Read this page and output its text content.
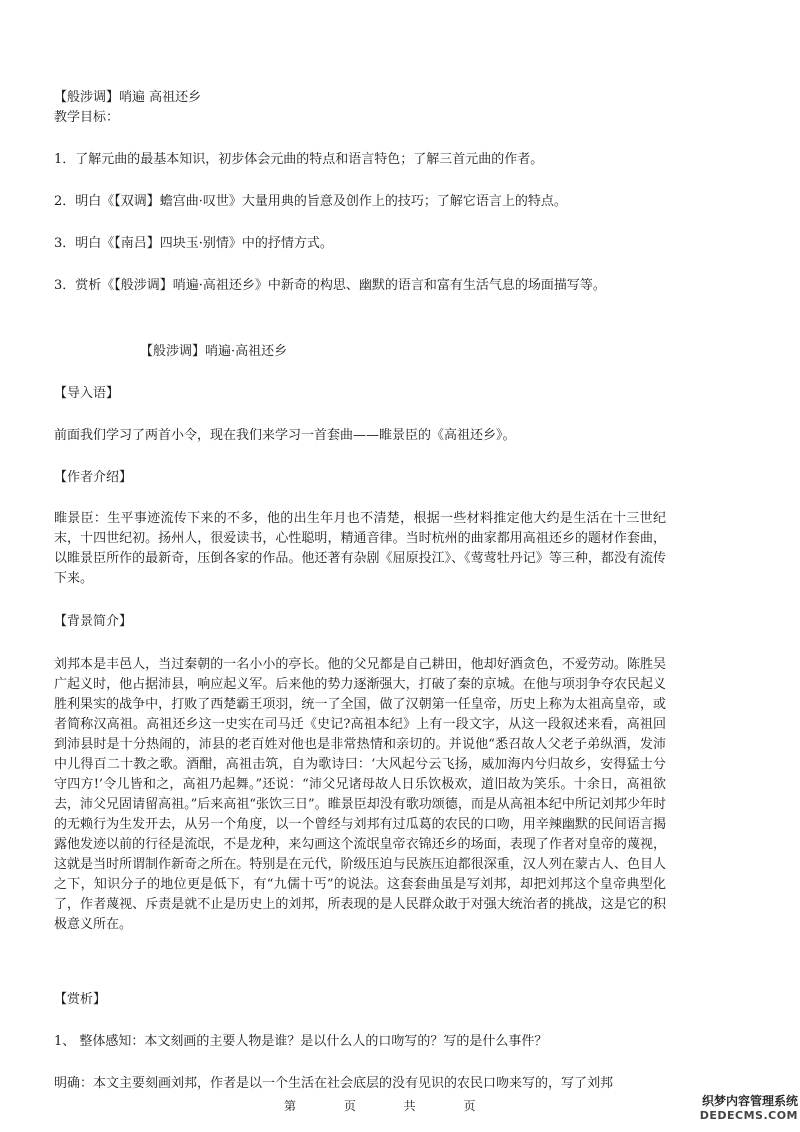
【般涉调】哨遍 高祖还乡
教学目标：
1．了解元曲的最基本知识，初步体会元曲的特点和语言特色；了解三首元曲的作者。
2．明白《【双调】蟾宫曲·叹世》大量用典的旨意及创作上的技巧；了解它语言上的特点。
3．明白《【南吕】四块玉·别情》中的抒情方式。
3．赏析《【般涉调】哨遍·高祖还乡》中新奇的构思、幽默的语言和富有生活气息的场面描写等。
【般涉调】哨遍·高祖还乡
【导入语】
前面我们学习了两首小令，现在我们来学习一首套曲——睢景臣的《高祖还乡》。
【作者介绍】
睢景臣：生平事迹流传下来的不多，他的出生年月也不清楚，根据一些材料推定他大约是生活在十三世纪末，十四世纪初。扬州人，很爱读书，心性聪明，精通音律。当时杭州的曲家都用高祖还乡的题材作套曲，以睢景臣所作的最新奇，压倒各家的作品。他还著有杂剧《屈原投江》、《莺莺牡丹记》等三种，都没有流传下来。
【背景简介】
刘邦本是丰邑人，当过秦朝的一名小小的亭长。他的父兄都是自己耕田，他却好酒贪色，不爱劳动。陈胜吴广起义时，他占据沛县，响应起义军。后来他的势力逐渐强大，打破了秦的京城。在他与项羽争夺农民起义胜利果实的战争中，打败了西楚霸王项羽，统一了全国，做了汉朝第一任皇帝，历史上称为太祖高皇帝，或者简称汉高祖。高祖还乡这一史实在司马迁《史记?高祖本纪》上有一段文字，从这一段叙述来看，高祖回到沛县时是十分热闹的，沛县的老百姓对他也是非常热情和亲切的。并说他“悉召故人父老子弟纵酒，发沛中儿得百二十教之歌。酒酣，高祖击筑，自为歌诗曰：‘大风起兮云飞扬，威加海内兮归故乡，安得猛士兮守四方!’令儿皆和之，高祖乃起舞。”还说：“沛父兄诸母故人日乐饮极欢，道旧故为笑乐。十余日，高祖欲去，沛父兄固请留高祖。”后来高祖“张饮三日”。睢景臣却没有歌功颂德，而是从高祖本纪中所记刘邦少年时的无赖行为生发开去，从另一个角度，以一个曾经与刘邦有过瓜葛的农民的口吻，用辛辣幽默的民间语言揭露他发迹以前的行径是流氓，不是龙种，来勾画这个流氓皇帝衣锦还乡的场面，表现了作者对皇帝的蔑视，这就是当时所谓制作新奇之所在。特别是在元代，阶级压迫与民族压迫都很深重，汉人列在蒙古人、色目人之下，知识分子的地位更是低下，有“九儒十丐”的说法。这套套曲虽是写刘邦，却把刘邦这个皇帝典型化了，作者蔑视、斥责是就不止是历史上的刘邦，所表现的是人民群众敢于对强大统治者的挑战，这是它的积极意义所在。
【赏析】
1、 整体感知：本文刻画的主要人物是谁？是以什么人的口吻写的？写的是什么事件？
明确：本文主要刻画刘邦，作者是以一个生活在社会底层的没有见识的农民口吻来写的，写了刘邦
第 页 共 页	织梦内容管理系统
DEDECMS.COM
